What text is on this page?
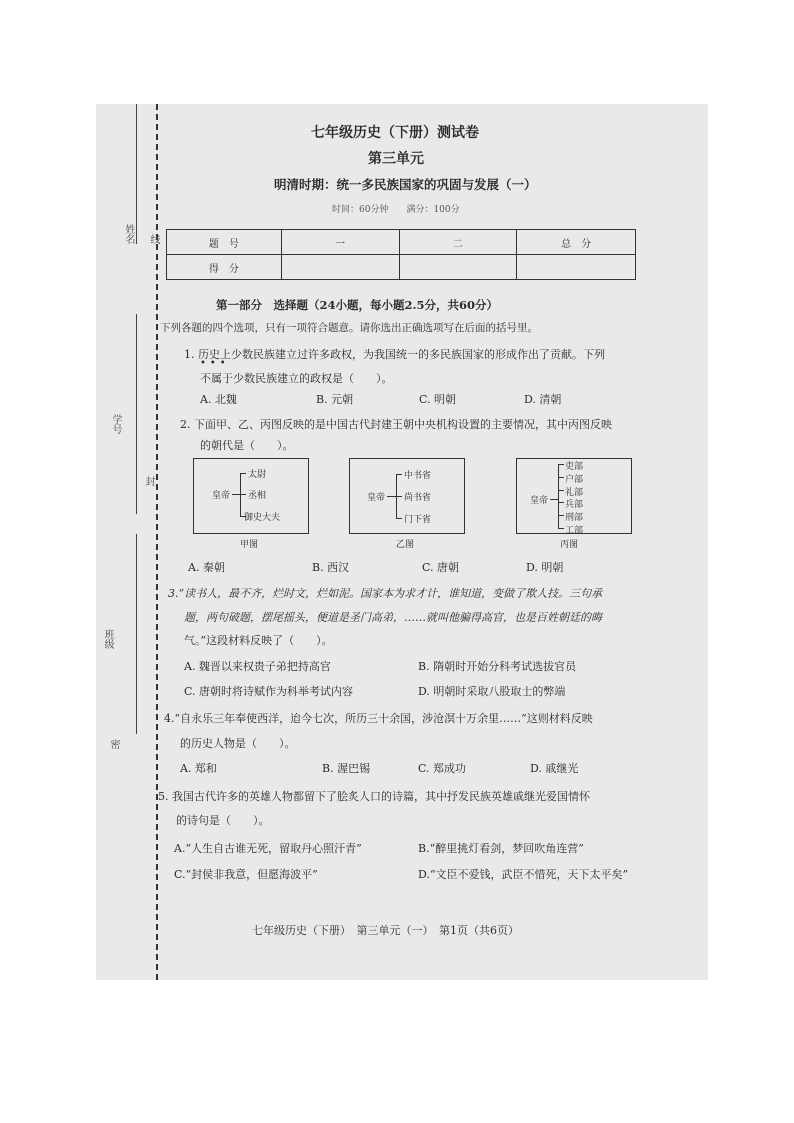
姓名 线
学号
封
班级
密
七年级历史（下册）测试卷
第三单元
明清时期：统一多民族国家的巩固与发展（一）
时间：60分钟　　满分：100分
题　号	一	二	总　分
得　分			
第一部分　选择题（24小题，每小题2.5分，共60分）
下列各题的四个选项，只有一项符合题意。请你选出正确选项写在后面的括号里。
1. 历史上少数民族建立过许多政权，为我国统一的多民族国家的形成作出了贡献。下列
•••
不属于少数民族建立的政权是（　　）。
A. 北魏	B. 元朝	C. 明朝	D. 清朝
2. 下面甲、乙、丙图反映的是中国古代封建王朝中央机构设置的主要情况，其中丙图反映
的朝代是（　　）。
皇帝
太尉
丞相
御史大夫
甲图
皇帝
中书省
尚书省
门下省
乙图
皇帝
吏部
户部
礼部
兵部
刑部
工部
丙图
A. 秦朝	B. 西汉	C. 唐朝	D. 明朝
3.“读书人，最不齐，烂时文，烂如泥。国家本为求才计，谁知道，变做了欺人技。三句承
题，两句破题，摆尾摇头，便道是圣门高弟，……就叫他骗得高官，也是百姓朝廷的晦
气。”这段材料反映了（　　）。
A. 魏晋以来权贵子弟把持高官	B. 隋朝时开始分科考试选拔官员
C. 唐朝时将诗赋作为科举考试内容	D. 明朝时采取八股取士的弊端
4.“自永乐三年奉使西洋，迨今七次，所历三十余国，涉沧溟十万余里……”这则材料反映
的历史人物是（　　）。
A. 郑和	B. 渥巴锡	C. 郑成功	D. 戚继光
5. 我国古代许多的英雄人物都留下了脍炙人口的诗篇，其中抒发民族英雄戚继光爱国情怀
的诗句是（　　）。
A.“人生自古谁无死，留取丹心照汗青”	B.“醉里挑灯看剑，梦回吹角连营”
C.“封侯非我意，但愿海波平”	D.“文臣不爱钱，武臣不惜死，天下太平矣”
七年级历史（下册）　第三单元（一）　第1页（共6页）
